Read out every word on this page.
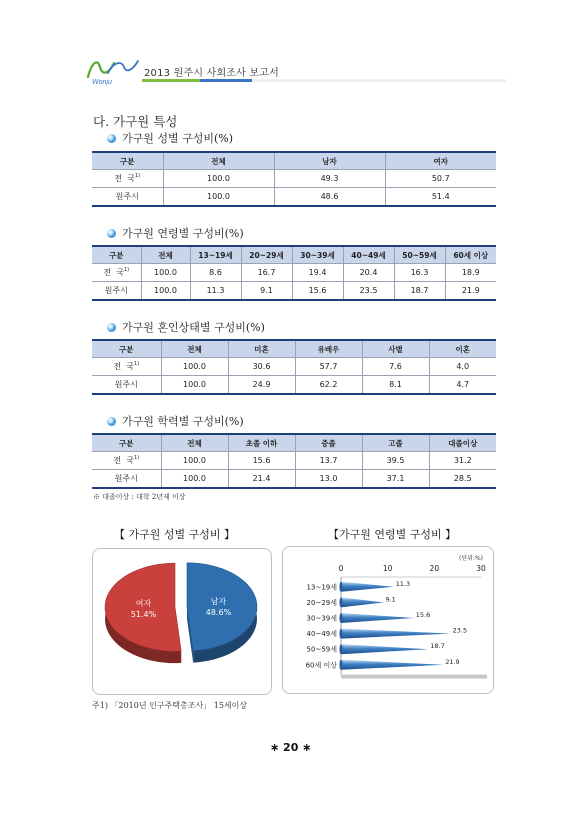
Wonju
2013 원주시 사회조사 보고서
다. 가구원 특성
가구원 성별 구성비(%)
구분	전체	남자	여자
전  국$^{1)}$	100.0	49.3	50.7
원주시	100.0	48.6	51.4
가구원 연령별 구성비(%)
구분	전체	13~19세	20~29세	30~39세	40~49세	50~59세	60세 이상
전  국$^{1)}$	100.0	8.6	16.7	19.4	20.4	16.3	18.9
원주시	100.0	11.3	9.1	15.6	23.5	18.7	21.9
가구원 혼인상태별 구성비(%)
구분	전체	미혼	유배우	사별	이혼
전  국$^{1)}$	100.0	30.6	57.7	7.6	4.0
원주시	100.0	24.9	62.2	8.1	4.7
가구원 학력별 구성비(%)
구분	전체	초졸 이하	중졸	고졸	대졸이상
전  국$^{1)}$	100.0	15.6	13.7	39.5	31.2
원주시	100.0	21.4	13.0	37.1	28.5
※ 대졸이상 : 대학 2년제 이상
【 가구원 성별 구성비 】	【가구원 연령별 구성비 】
남자
48.6%
여자
51.4%
(단위:%)
0	10	20	30
13~19세	11.3
20~29세	9.1
30~39세	15.6
40~49세	23.5
50~59세	18.7
60세 이상	21.9
주1) 「2010년 인구주택총조사」 15세이상
∗ 20 ∗
